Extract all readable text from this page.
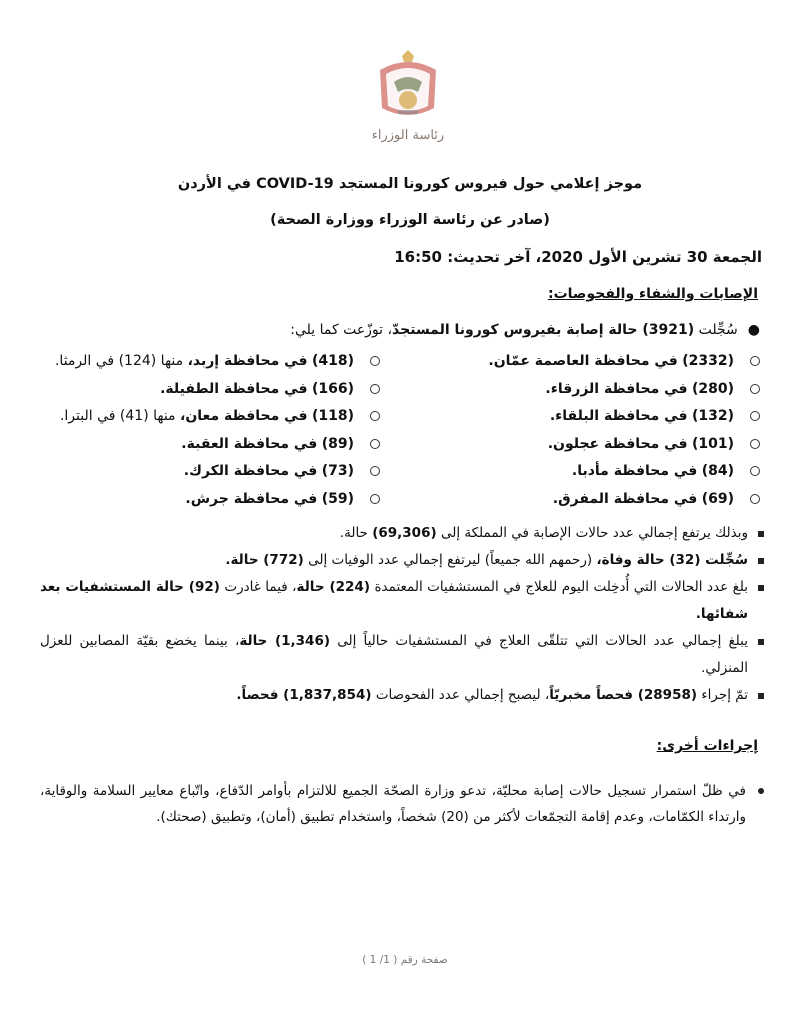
رئاسة الوزراء
موجز إعلامي حول فيروس كورونا المستجد COVID-19 في الأردن
(صادر عن رئاسة الوزراء ووزارة الصحة)
الجمعة 30 تشرين الأول 2020، آخر تحديث: 16:50
الإصابات والشفاء والفحوصات:
●
سُجِّلت (3921) حالة إصابة بفيروس كورونا المستجدّ، توزّعت كما يلي:
(2332) في محافظة العاصمة عمّان.
(280) في محافظة الزرقاء.
(132) في محافظة البلقاء.
(101) في محافظة عجلون.
(84) في محافظة مأدبا.
(69) في محافظة المفرق.
(418) في محافظة إربد، منها (124) في الرمثا.
(166) في محافظة الطفيلة.
(118) في محافظة معان، منها (41) في البترا.
(89) في محافظة العقبة.
(73) في محافظة الكرك.
(59) في محافظة جرش.
وبذلك يرتفع إجمالي عدد حالات الإصابة في المملكة إلى (69,306) حالة.
سُجِّلت (32) حالة وفاة، (رحمهم الله جميعاً) ليرتفع إجمالي عدد الوفيات إلى (772) حالة.
بلغ عدد الحالات التي أُدخِلت اليوم للعلاج في المستشفيات المعتمدة (224) حالة، فيما غادرت (92) حالة المستشفيات بعد شفائها.
يبلغ إجمالي عدد الحالات التي تتلقّى العلاج في المستشفيات حالياً إلى (1,346) حالة، بينما يخضع بقيّة المصابين للعزل المنزلي.
تمّ إجراء (28958) فحصاً مخبريّاً، ليصبح إجمالي عدد الفحوصات (1,837,854) فحصاً.
إجراءات أخرى:
في ظلّ استمرار تسجيل حالات إصابة محليّة، تدعو وزارة الصحّة الجميع للالتزام بأوامر الدّفاع، واتّباع معايير السلامة والوقاية، وارتداء الكمّامات، وعدم إقامة التجمّعات لأكثر من (20) شخصاً، واستخدام تطبيق (أمان)، وتطبيق (صحتك).
صفحة رقم ( 1/ 1 )
